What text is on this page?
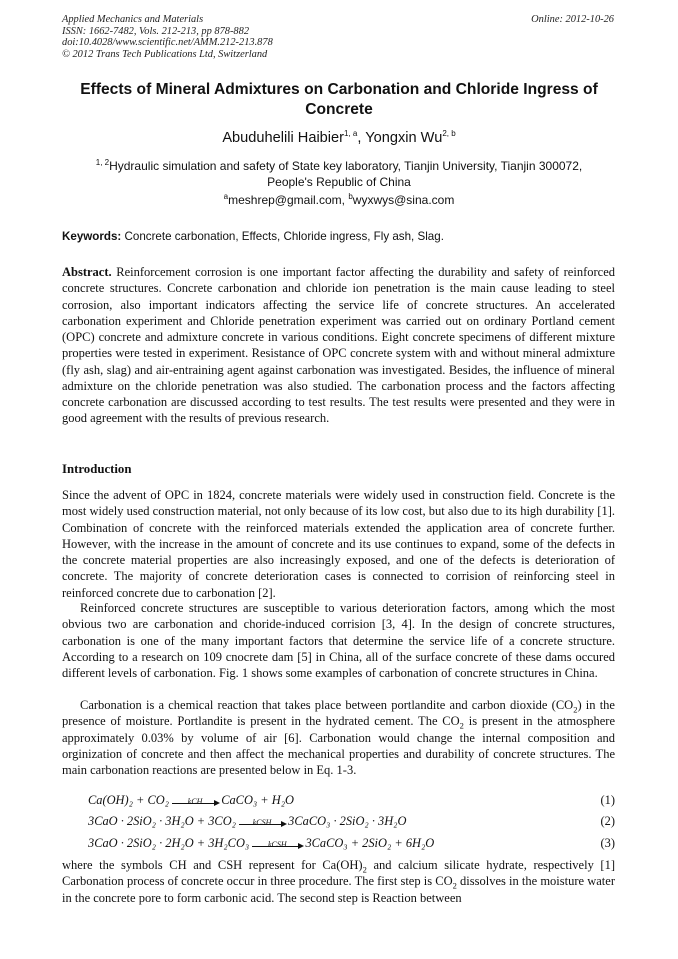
Applied Mechanics and Materials
ISSN: 1662-7482, Vols. 212-213, pp 878-882
doi:10.4028/www.scientific.net/AMM.212-213.878
© 2012 Trans Tech Publications Ltd, Switzerland
Online: 2012-10-26
Effects of Mineral Admixtures on Carbonation and Chloride Ingress of Concrete
Abuduhelili Haibier$^{1, a}$, Yongxin Wu$^{2, b}$
$^{1, 2}$Hydraulic simulation and safety of State key laboratory, Tianjin University, Tianjin 300072,
People's Republic of China
$^a$meshrep@gmail.com, $^b$wyxwys@sina.com
Keywords: Concrete carbonation, Effects, Chloride ingress, Fly ash, Slag.
Abstract. Reinforcement corrosion is one important factor affecting the durability and safety of reinforced concrete structures. Concrete carbonation and chloride ion penetration is the main cause leading to steel corrosion, also important indicators affecting the service life of concrete structures. An accelerated carbonation experiment and Chloride penetration experiment was carried out on ordinary Portland cement (OPC) concrete and admixture concrete in various conditions. Eight concrete specimens of different mixture properties were tested in experiment. Resistance of OPC concrete system with and without mineral admixture (fly ash, slag) and air-entraining agent against carbonation was investigated. Besides, the influence of mineral admixture on the chloride penetration was also studied. The carbonation process and the factors affecting concrete carbonation are discussed according to test results. The test results were presented and they were in good agreement with the results of previous research.
Introduction
Since the advent of OPC in 1824, concrete materials were widely used in construction field. Concrete is the most widely used construction material, not only because of its low cost, but also due to its high durability [1]. Combination of concrete with the reinforced materials extended the application area of concrete further. However, with the increase in the amount of concrete and its use continues to expand, some of the defects in the concrete material properties are also increasingly exposed, and one of the defects is deterioration of concrete. The majority of concrete deterioration cases is connected to corrision of reinforcing steel in reinforced concrete due to carbonation [2].
Reinforced concrete structures are susceptible to various deterioration factors, among which the most obvious two are carbonation and choride-induced corrision [3, 4]. In the design of concrete structures, carbonation is one of the many important factors that determine the service life of a concrete structure. According to a research on 109 cnocrete dam [5] in China, all of the surface concrete of these dams occured different levels of carbonation. Fig. 1 shows some examples of carbonation of concrete structures in China.
Carbonation is a chemical reaction that takes place between portlandite and carbon dioxide $(CO_2)$ in the presence of moisture. Portlandite is present in the hydrated cement. The $CO_2$ is present in the atmosphere approximately 0.03% by volume of air [6]. Carbonation would change the internal composition and orginization of concrete and then affect the mechanical properties and durability of concrete structures. The main carbonation reactions are presented below in Eq. 1-3.
Ca(OH)₂ + CO₂	kCH	CaCO₃ + H₂O	(1)
3CaO · 2SiO₂ · 3H₂O + 3CO₂	kCSH	3CaCO₃ · 2SiO₂ · 3H₂O	(2)
3CaO · 2SiO₂ · 2H₂O + 3H₂CO₃	kCSH	3CaCO₃ + 2SiO₂ + 6H₂O	(3)
where the symbols CH and CSH represent for $Ca(OH)_2$ and calcium silicate hydrate, respectively [1] Carbonation process of concrete occur in three procedure. The first step is $CO_2$ dissolves in the moisture water in the concrete pore to form carbonic acid. The second step is Reaction between
